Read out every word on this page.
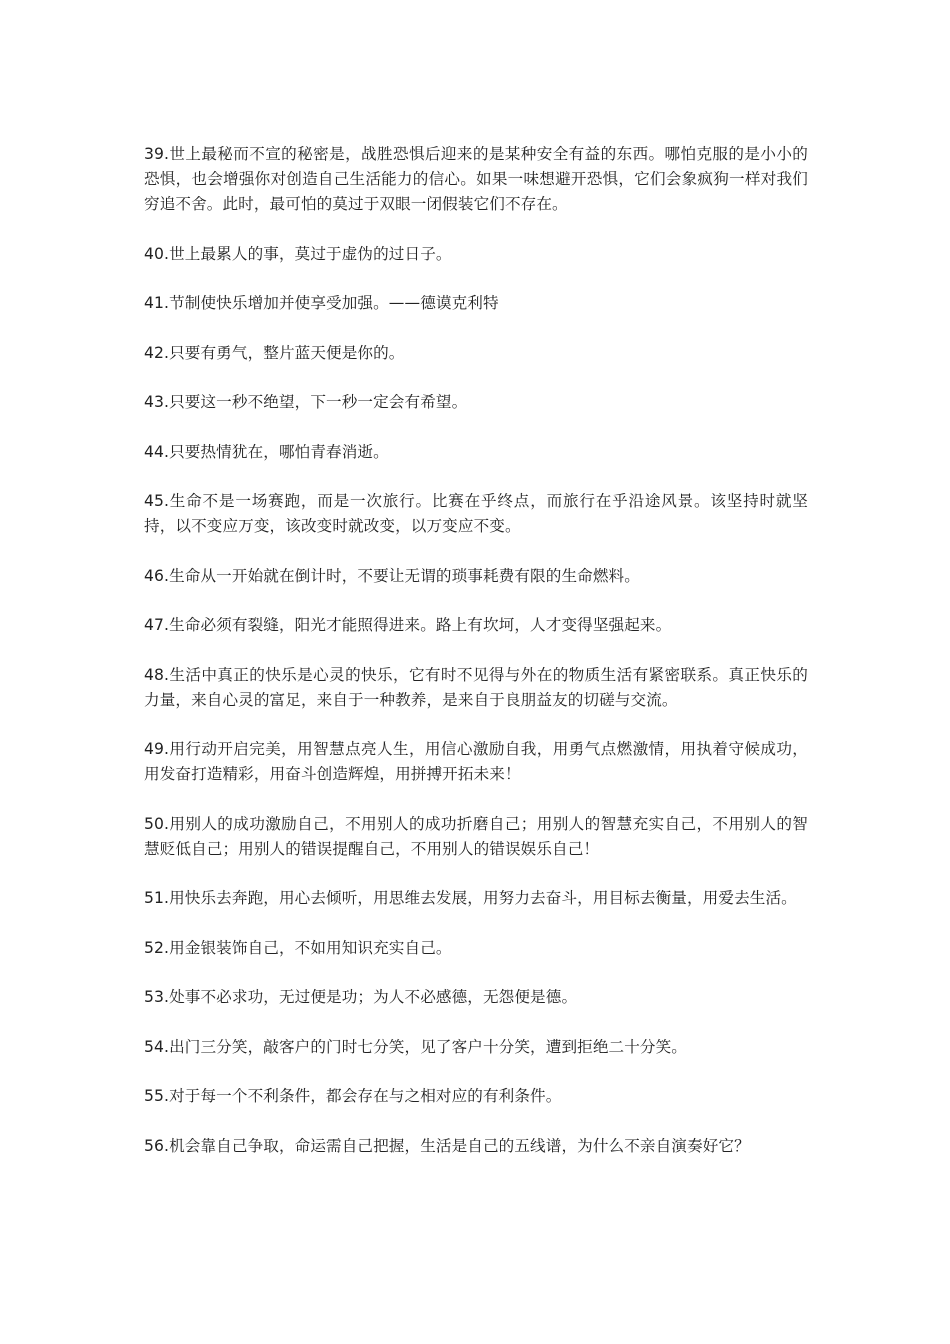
39.世上最秘而不宣的秘密是，战胜恐惧后迎来的是某种安全有益的东西。哪怕克服的是小小的恐惧，也会增强你对创造自己生活能力的信心。如果一味想避开恐惧，它们会象疯狗一样对我们穷追不舍。此时，最可怕的莫过于双眼一闭假装它们不存在。

40.世上最累人的事，莫过于虚伪的过日子。

41.节制使快乐增加并使享受加强。——德谟克利特

42.只要有勇气，整片蓝天便是你的。

43.只要这一秒不绝望，下一秒一定会有希望。

44.只要热情犹在，哪怕青春消逝。

45.生命不是一场赛跑，而是一次旅行。比赛在乎终点，而旅行在乎沿途风景。该坚持时就坚持，以不变应万变，该改变时就改变，以万变应不变。

46.生命从一开始就在倒计时，不要让无谓的琐事耗费有限的生命燃料。

47.生命必须有裂缝，阳光才能照得进来。路上有坎坷，人才变得坚强起来。

48.生活中真正的快乐是心灵的快乐，它有时不见得与外在的物质生活有紧密联系。真正快乐的力量，来自心灵的富足，来自于一种教养，是来自于良朋益友的切磋与交流。

49.用行动开启完美，用智慧点亮人生，用信心激励自我，用勇气点燃激情，用执着守候成功，用发奋打造精彩，用奋斗创造辉煌，用拼搏开拓未来！

50.用别人的成功激励自己，不用别人的成功折磨自己；用别人的智慧充实自己，不用别人的智慧贬低自己；用别人的错误提醒自己，不用别人的错误娱乐自己！

51.用快乐去奔跑，用心去倾听，用思维去发展，用努力去奋斗，用目标去衡量，用爱去生活。

52.用金银装饰自己，不如用知识充实自己。

53.处事不必求功，无过便是功；为人不必感德，无怨便是德。

54.出门三分笑，敲客户的门时七分笑，见了客户十分笑，遭到拒绝二十分笑。

55.对于每一个不利条件，都会存在与之相对应的有利条件。

56.机会靠自己争取，命运需自己把握，生活是自己的五线谱，为什么不亲自演奏好它？
